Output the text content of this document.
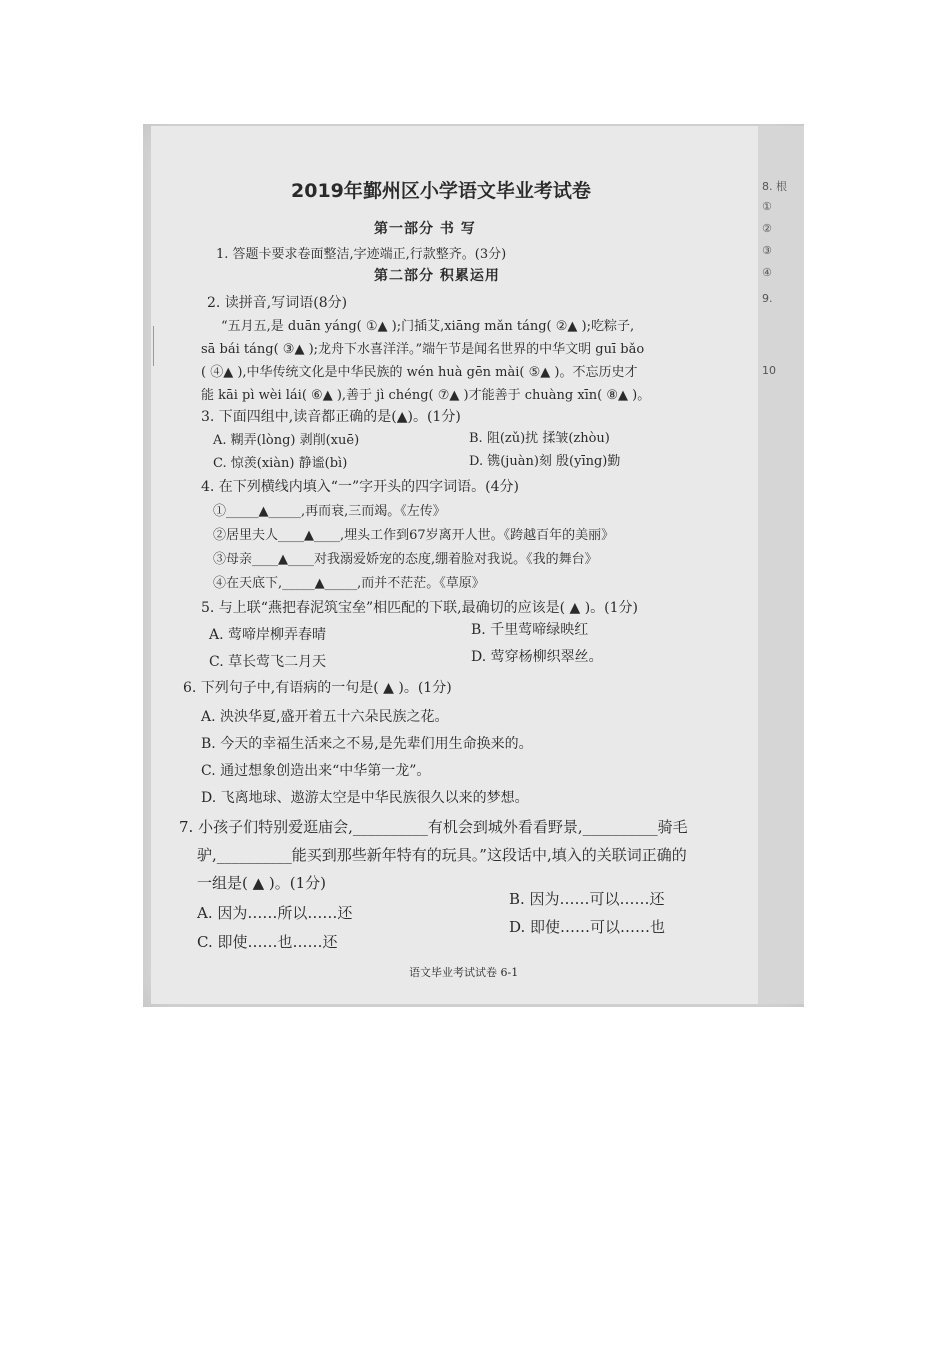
2019年鄞州区小学语文毕业考试卷
第一部分 书 写
1. 答题卡要求卷面整洁,字迹端正,行款整齐。(3分)
第二部分 积累运用
2. 读拼音,写词语(8分)
“五月五,是 duān yáng( ①▲ );门插艾,xiāng mǎn táng( ②▲ );吃粽子,
sā bái táng( ③▲ );龙舟下水喜洋洋。”端午节是闻名世界的中华文明 guī bǎo
( ④▲ ),中华传统文化是中华民族的 wén huà gēn mài( ⑤▲ )。不忘历史才
能 kāi pì wèi lái( ⑥▲ ),善于 jì chéng( ⑦▲ )才能善于 chuàng xīn( ⑧▲ )。
3. 下面四组中,读音都正确的是(▲)。(1分)
A. 糊弄(lòng) 剥削(xuē)	B. 阻(zǔ)扰 揉皱(zhòu)
C. 惊羡(xiàn) 静谧(bì)	D. 镌(juàn)刻 殷(yīng)勤
4. 在下列横线内填入“一”字开头的四字词语。(4分)
①_____▲_____,再而衰,三而竭。《左传》
②居里夫人____▲____,埋头工作到67岁离开人世。《跨越百年的美丽》
③母亲____▲____对我溺爱娇宠的态度,绷着脸对我说。《我的舞台》
④在天底下,_____▲_____,而并不茫茫。《草原》
5. 与上联“燕把春泥筑宝垒”相匹配的下联,最确切的应该是( ▲ )。(1分)
A. 莺啼岸柳弄春晴	B. 千里莺啼绿映红
C. 草长莺飞二月天	D. 莺穿杨柳织翠丝。
6. 下列句子中,有语病的一句是( ▲ )。(1分)
A. 泱泱华夏,盛开着五十六朵民族之花。
B. 今天的幸福生活来之不易,是先辈们用生命换来的。
C. 通过想象创造出来“中华第一龙”。
D. 飞离地球、遨游太空是中华民族很久以来的梦想。
7. 小孩子们特别爱逛庙会,__________有机会到城外看看野景,__________骑毛
驴,__________能买到那些新年特有的玩具。”这段话中,填入的关联词正确的
一组是( ▲ )。(1分)
A. 因为……所以……还
B. 因为……可以……还
C. 即使……也……还
D. 即使……可以……也
语文毕业考试试卷 6-1
8. 根
①
②
③
④
9.
10
